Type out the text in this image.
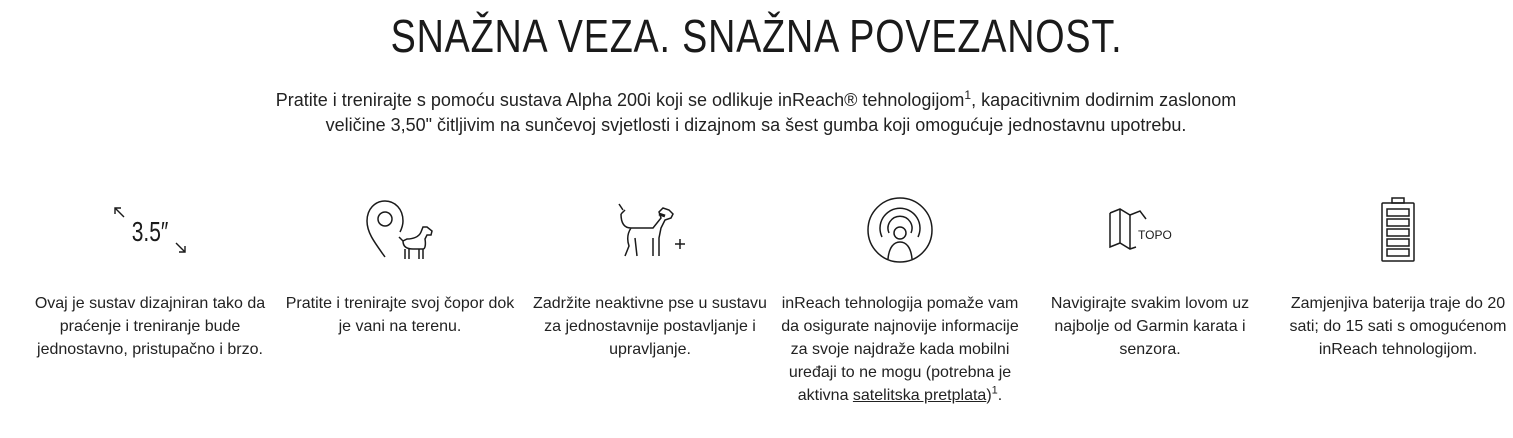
SNAŽNA VEZA. SNAŽNA POVEZANOST.

Pratite i trenirajte s pomoću sustava Alpha 200i koji se odlikuje inReach® tehnologijom$^1$, kapacitivnim dodirnim zaslonom
veličine 3,50" čitljivim na sunčevoj svjetlosti i dizajnom sa šest gumba koji omogućuje jednostavnu upotrebu.

3.5″

Ovaj je sustav dizajniran tako da praćenje i treniranje bude jednostavno, pristupačno i brzo.

Pratite i trenirajte svoj čopor dok je vani na terenu.

Zadržite neaktivne pse u sustavu za jednostavnije postavljanje i upravljanje.

inReach tehnologija pomaže vam da osigurate najnovije informacije za svoje najdraže kada mobilni uređaji to ne mogu (potrebna je aktivna satelitska pretplata)$^1$.

TOPO

Navigirajte svakim lovom uz najbolje od Garmin karata i senzora.

Zamjenjiva baterija traje do 20 sati; do 15 sati s omogućenom inReach tehnologijom.
